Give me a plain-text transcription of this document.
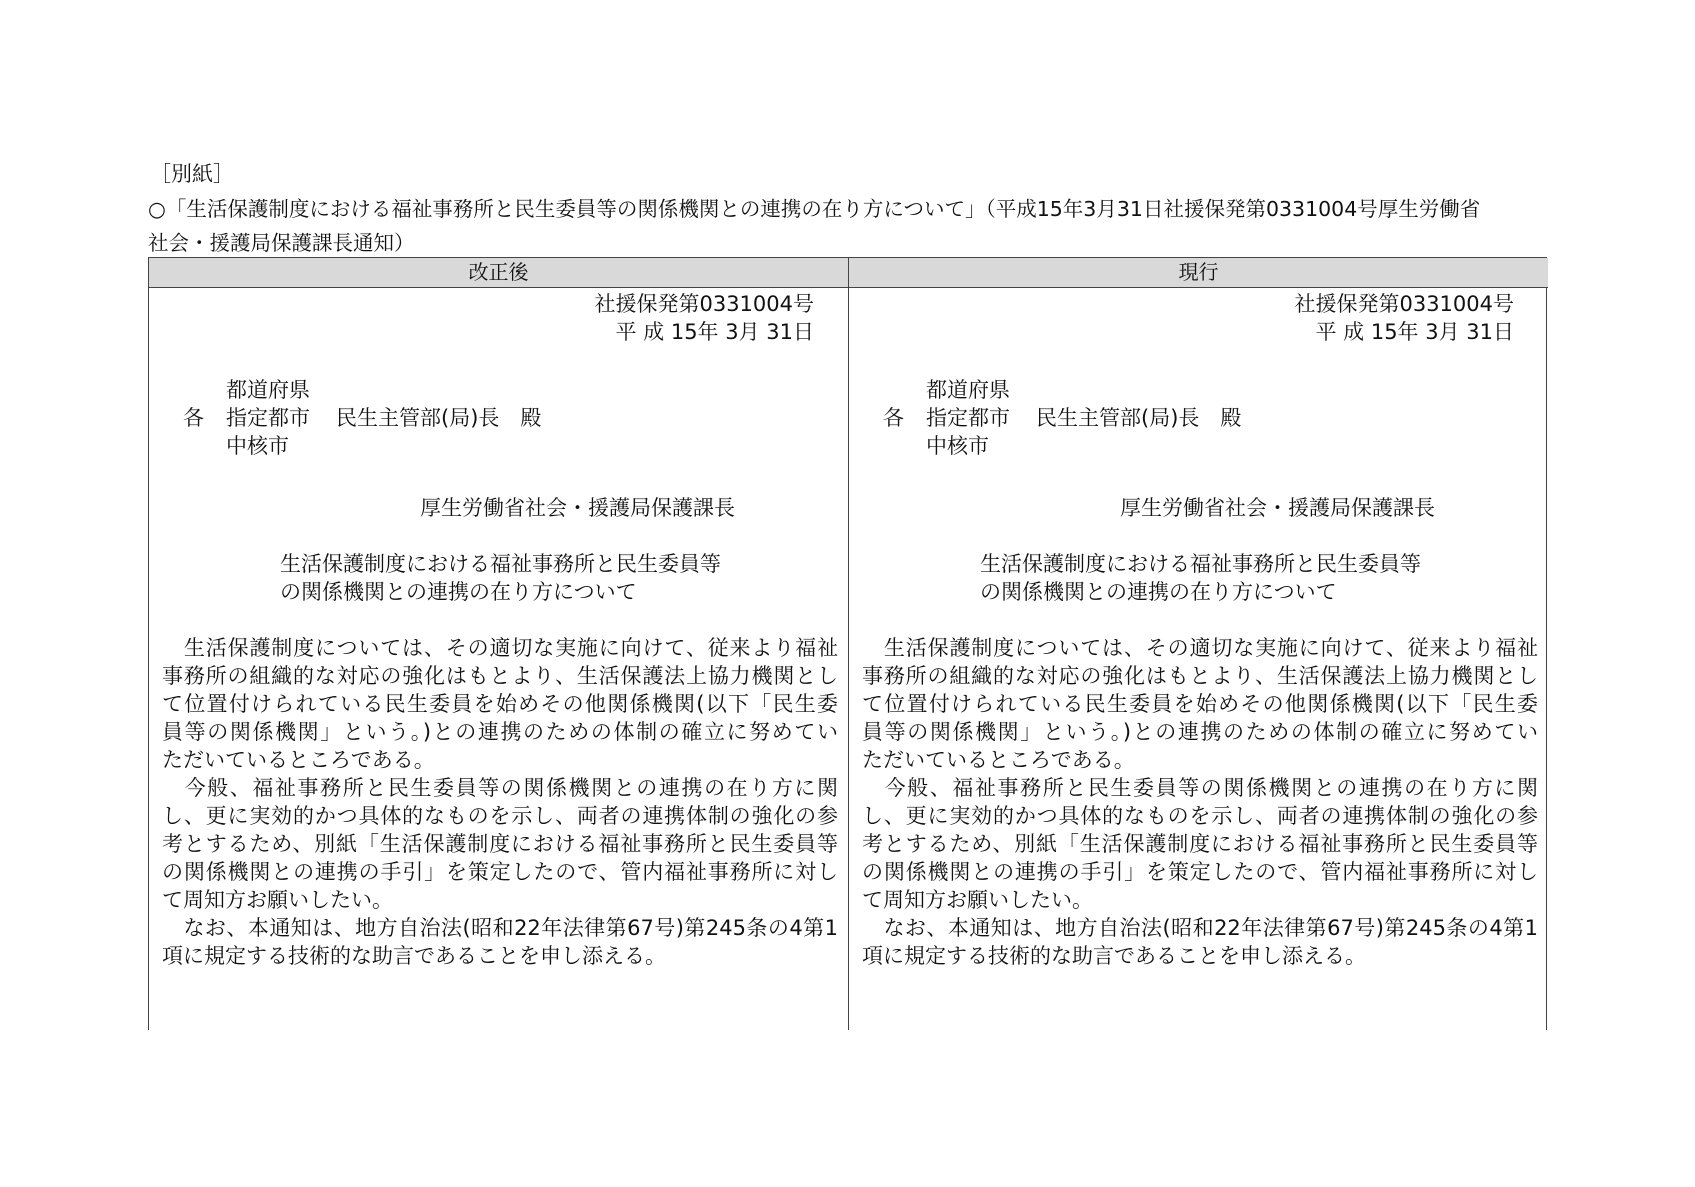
［別紙］
○「生活保護制度における福祉事務所と民生委員等の関係機関との連携の在り方について」（平成15年3月31日社援保発第0331004号厚生労働省
社会・援護局保護課長通知）
改正後	現行
社援保発第0331004号
平 成 15年 3月 31日
都道府県
各 指定都市 民生主管部(局)長　殿
中核市
厚生労働省社会・援護局保護課長
生活保護制度における福祉事務所と民生委員等
の関係機関との連携の在り方について
　生活保護制度については、その適切な実施に向けて、従来より福祉
事務所の組織的な対応の強化はもとより、生活保護法上協力機関とし
て位置付けられている民生委員を始めその他関係機関(以下「民生委
員等の関係機関」という。)との連携のための体制の確立に努めてい
ただいているところである。
　今般、福祉事務所と民生委員等の関係機関との連携の在り方に関
し、更に実効的かつ具体的なものを示し、両者の連携体制の強化の参
考とするため、別紙「生活保護制度における福祉事務所と民生委員等
の関係機関との連携の手引」を策定したので、管内福祉事務所に対し
て周知方お願いしたい。
　なお、本通知は、地方自治法(昭和22年法律第67号)第245条の4第1
項に規定する技術的な助言であることを申し添える。
社援保発第0331004号
平 成 15年 3月 31日
都道府県
各 指定都市 民生主管部(局)長　殿
中核市
厚生労働省社会・援護局保護課長
生活保護制度における福祉事務所と民生委員等
の関係機関との連携の在り方について
　生活保護制度については、その適切な実施に向けて、従来より福祉
事務所の組織的な対応の強化はもとより、生活保護法上協力機関とし
て位置付けられている民生委員を始めその他関係機関(以下「民生委
員等の関係機関」という。)との連携のための体制の確立に努めてい
ただいているところである。
　今般、福祉事務所と民生委員等の関係機関との連携の在り方に関
し、更に実効的かつ具体的なものを示し、両者の連携体制の強化の参
考とするため、別紙「生活保護制度における福祉事務所と民生委員等
の関係機関との連携の手引」を策定したので、管内福祉事務所に対し
て周知方お願いしたい。
　なお、本通知は、地方自治法(昭和22年法律第67号)第245条の4第1
項に規定する技術的な助言であることを申し添える。
